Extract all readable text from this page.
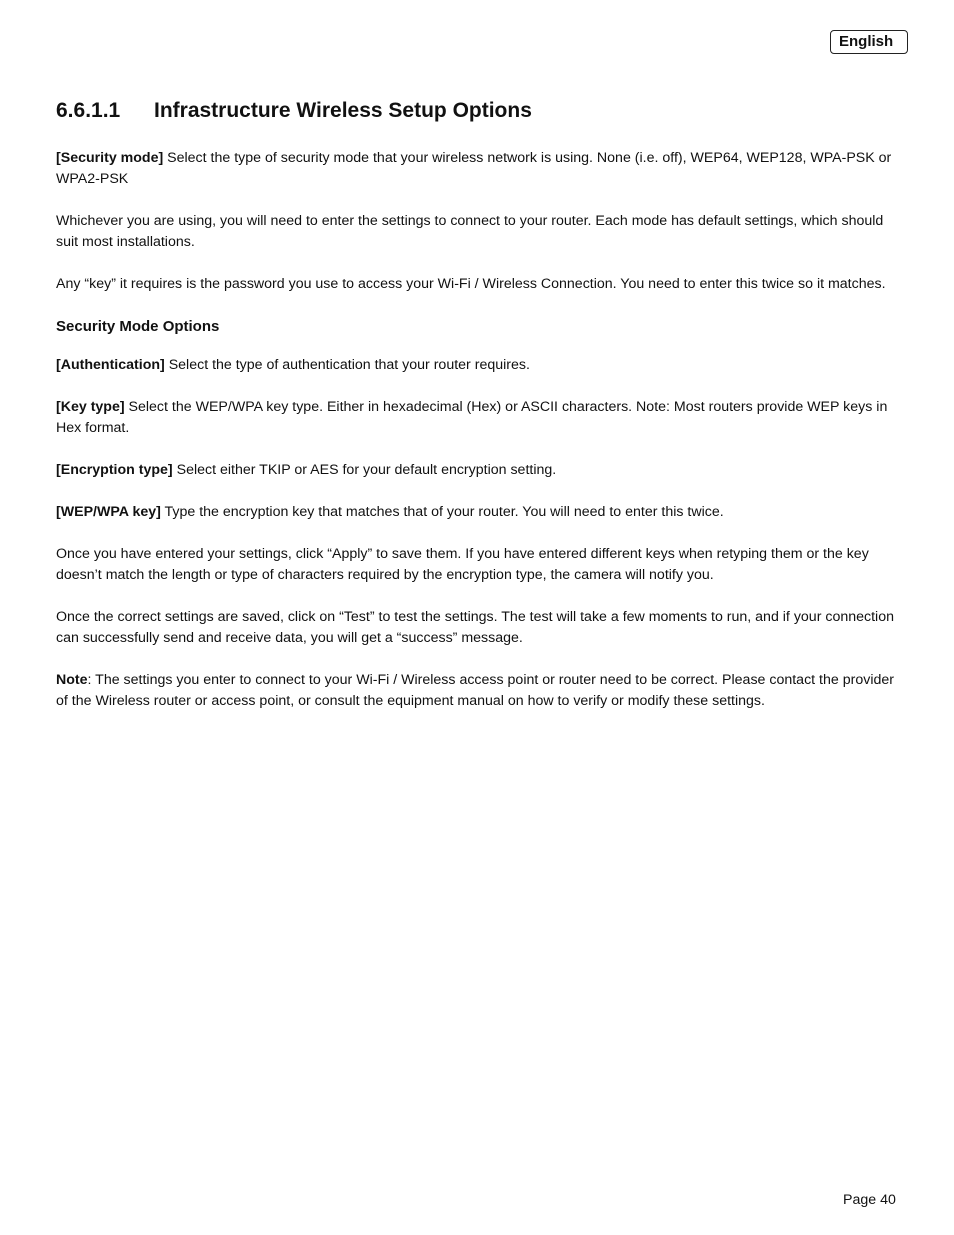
English
6.6.1.1 Infrastructure Wireless Setup Options

[Security mode] Select the type of security mode that your wireless network is using. None (i.e. off), WEP64, WEP128, WPA-PSK or WPA2-PSK

Whichever you are using, you will need to enter the settings to connect to your router. Each mode has default settings, which should suit most installations.

Any “key” it requires is the password you use to access your Wi-Fi / Wireless Connection. You need to enter this twice so it matches.

Security Mode Options

[Authentication] Select the type of authentication that your router requires.

[Key type] Select the WEP/WPA key type. Either in hexadecimal (Hex) or ASCII characters. Note: Most routers provide WEP keys in Hex format.

[Encryption type] Select either TKIP or AES for your default encryption setting.

[WEP/WPA key] Type the encryption key that matches that of your router. You will need to enter this twice.

Once you have entered your settings, click “Apply” to save them. If you have entered different keys when retyping them or the key doesn’t match the length or type of characters required by the encryption type, the camera will notify you.

Once the correct settings are saved, click on “Test” to test the settings. The test will take a few moments to run, and if your connection can successfully send and receive data, you will get a “success” message.

Note: The settings you enter to connect to your Wi-Fi / Wireless access point or router need to be correct. Please contact the provider of the Wireless router or access point, or consult the equipment manual on how to verify or modify these settings.

Page 40
